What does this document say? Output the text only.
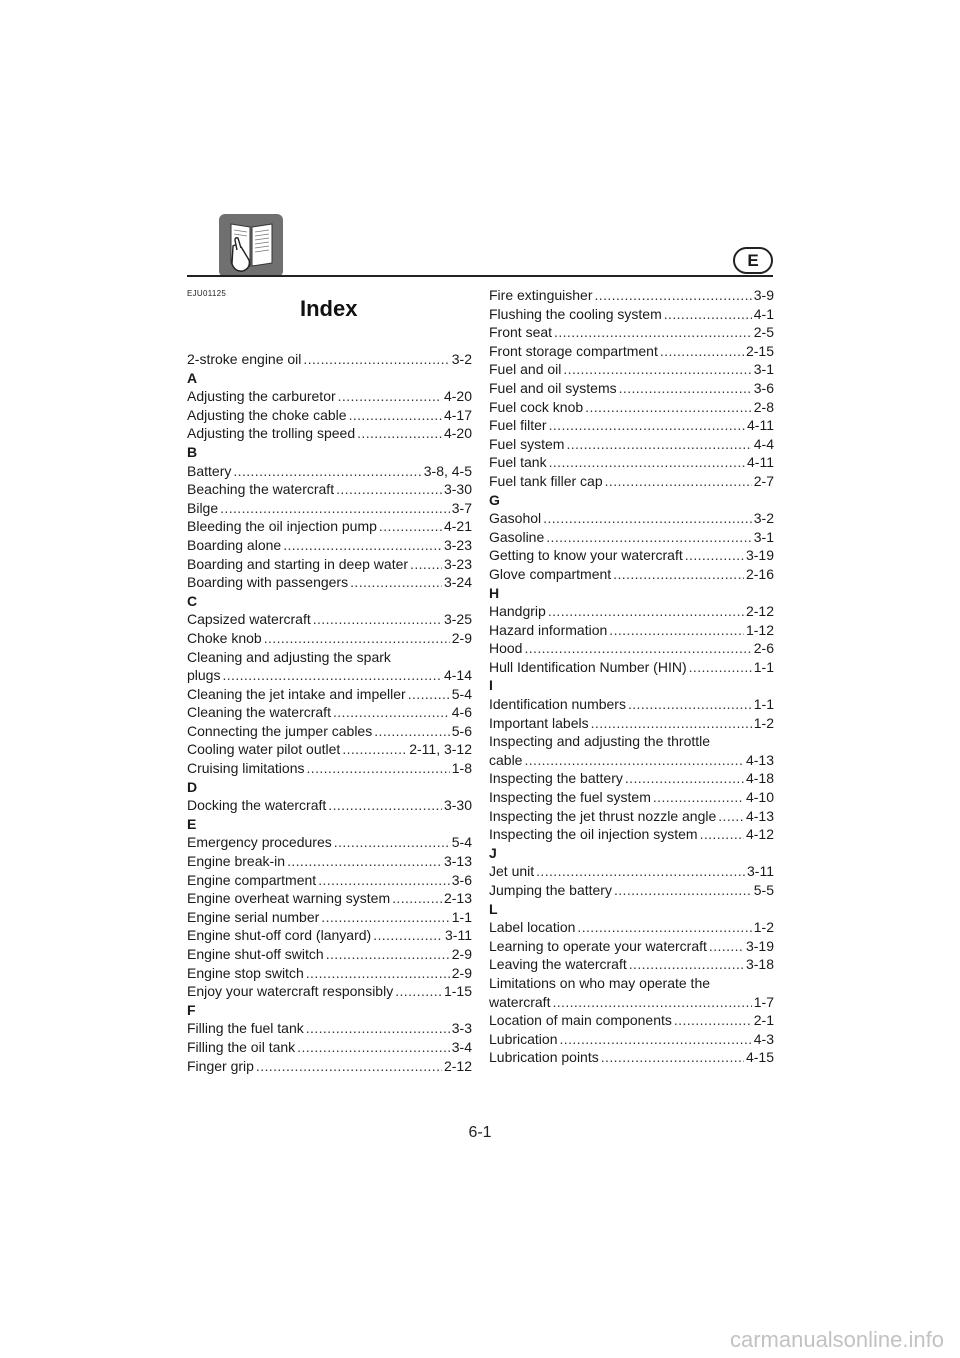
E
EJU01125
Index
2-stroke engine oil .....	3-2
A
Adjusting the carburetor .....	4-20
Adjusting the choke cable .....	4-17
Adjusting the trolling speed .....	4-20
B
Battery .....	3-8, 4-5
Beaching the watercraft .....	3-30
Bilge .....	3-7
Bleeding the oil injection pump .....	4-21
Boarding alone .....	3-23
Boarding and starting in deep water .....	3-23
Boarding with passengers .....	3-24
C
Capsized watercraft .....	3-25
Choke knob .....	2-9
Cleaning and adjusting the spark
plugs .....	4-14
Cleaning the jet intake and impeller .....	5-4
Cleaning the watercraft .....	4-6
Connecting the jumper cables .....	5-6
Cooling water pilot outlet .....	2-11, 3-12
Cruising limitations .....	1-8
D
Docking the watercraft .....	3-30
E
Emergency procedures .....	5-4
Engine break-in .....	3-13
Engine compartment .....	3-6
Engine overheat warning system .....	2-13
Engine serial number .....	1-1
Engine shut-off cord (lanyard) .....	3-11
Engine shut-off switch .....	2-9
Engine stop switch .....	2-9
Enjoy your watercraft responsibly .....	1-15
F
Filling the fuel tank .....	3-3
Filling the oil tank .....	3-4
Finger grip .....	2-12
Fire extinguisher .....	3-9
Flushing the cooling system .....	4-1
Front seat .....	2-5
Front storage compartment .....	2-15
Fuel and oil .....	3-1
Fuel and oil systems .....	3-6
Fuel cock knob .....	2-8
Fuel filter .....	4-11
Fuel system .....	4-4
Fuel tank .....	4-11
Fuel tank filler cap .....	2-7
G
Gasohol .....	3-2
Gasoline .....	3-1
Getting to know your watercraft .....	3-19
Glove compartment .....	2-16
H
Handgrip .....	2-12
Hazard information .....	1-12
Hood .....	2-6
Hull Identification Number (HIN) .....	1-1
I
Identification numbers .....	1-1
Important labels .....	1-2
Inspecting and adjusting the throttle
cable .....	4-13
Inspecting the battery .....	4-18
Inspecting the fuel system .....	4-10
Inspecting the jet thrust nozzle angle ..... 4-13
Inspecting the oil injection system .....	4-12
J
Jet unit .....	3-11
Jumping the battery .....	5-5
L
Label location .....	1-2
Learning to operate your watercraft .....	3-19
Leaving the watercraft .....	3-18
Limitations on who may operate the
watercraft .....	1-7
Location of main components .....	2-1
Lubrication .....	4-3
Lubrication points .....	4-15
6-1
carmanualsonline.info
